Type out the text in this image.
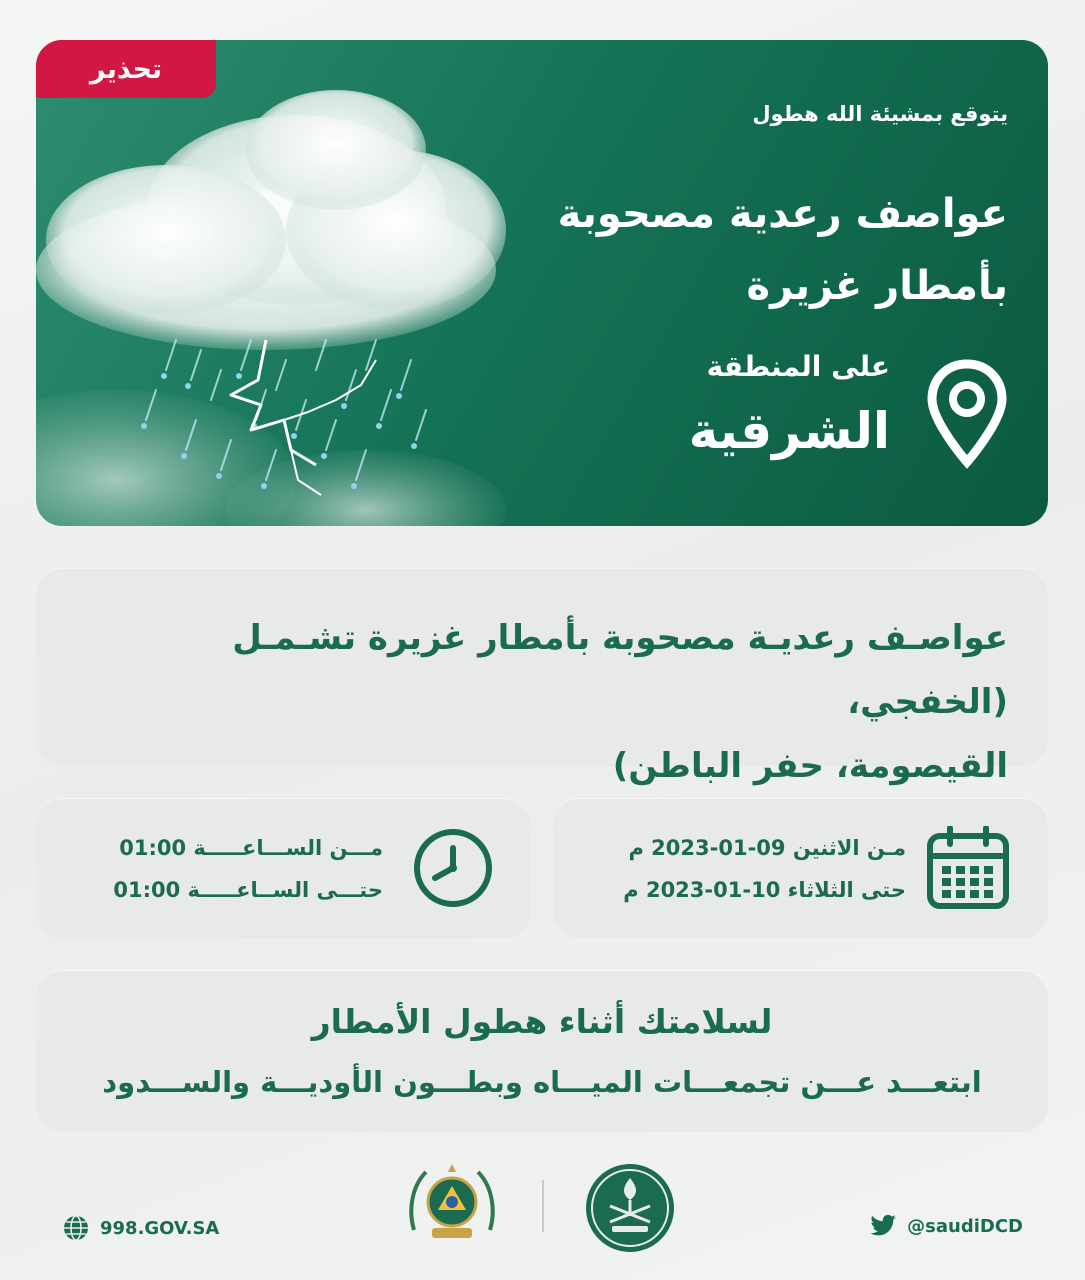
يتوقع بمشيئة الله هطول
عواصف رعدية مصحوبة
بأمطار غزيرة
على المنطقة
الشرقية
تحذير
عواصـف رعديـة مصحوبة بأمطار غزيرة تشـمـل (الخفجي،
القيصومة، حفر الباطن)
مـن الاثنين 09-01-2023 م
حتى الثلاثاء 10-01-2023 م
مـــن الســـاعـــــة 01:00
حتـــى الســاعـــــة 01:00
لسلامتك أثناء هطول الأمطار
ابتعـــد عـــن تجمعـــات الميـــاه وبطـــون الأوديـــة والســـدود
998.GOV.SA	@saudiDCD
